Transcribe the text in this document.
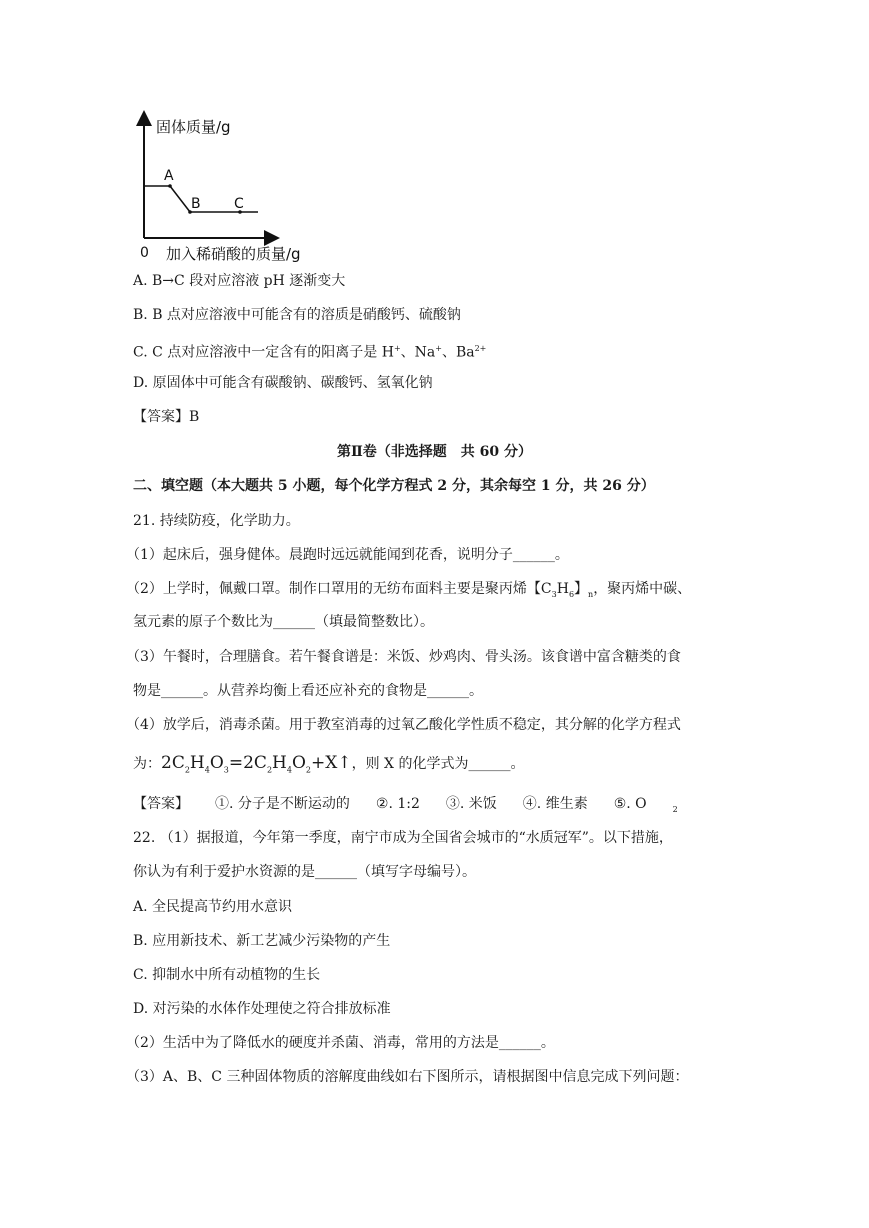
固体质量/g
0 加入稀硝酸的质量/g
A
B C
A. B→C 段对应溶液 pH 逐渐变大
B. B 点对应溶液中可能含有的溶质是硝酸钙、硫酸钠
C. C 点对应溶液中一定含有的阳离子是 H+、Na+、$Ba^{2+}$
D. 原固体中可能含有碳酸钠、碳酸钙、氢氧化钠
【答案】B
第Ⅱ卷（非选择题　共 60 分）
二、填空题（本大题共 5 小题，每个化学方程式 2 分，其余每空 1 分，共 26 分）
21. 持续防疫，化学助力。
（1）起床后，强身健体。晨跑时远远就能闻到花香，说明分子______。
（2）上学时，佩戴口罩。制作口罩用的无纺布面料主要是聚丙烯【$C_3H_6$】$_n$，聚丙烯中碳、
氢元素的原子个数比为______（填最简整数比）。
（3）午餐时，合理膳食。若午餐食谱是：米饭、炒鸡肉、骨头汤。该食谱中富含糖类的食
物是______。从营养均衡上看还应补充的食物是______。
（4）放学后，消毒杀菌。用于教室消毒的过氧乙酸化学性质不稳定，其分解的化学方程式
为：$2C_2H_4O_3=2C_2H_4O_2+X↑$，则 X 的化学式为______。
【答案】 ①. 分子是不断运动的 ②. 1:2 ③. 米饭 ④. 维生素 ⑤. O	$_2$
22. （1）据报道，今年第一季度，南宁市成为全国省会城市的“水质冠军”。以下措施，
你认为有利于爱护水资源的是______（填写字母编号）。
A. 全民提高节约用水意识
B. 应用新技术、新工艺减少污染物的产生
C. 抑制水中所有动植物的生长
D. 对污染的水体作处理使之符合排放标准
（2）生活中为了降低水的硬度并杀菌、消毒，常用的方法是______。
（3）A、B、C 三种固体物质的溶解度曲线如右下图所示，请根据图中信息完成下列问题：
